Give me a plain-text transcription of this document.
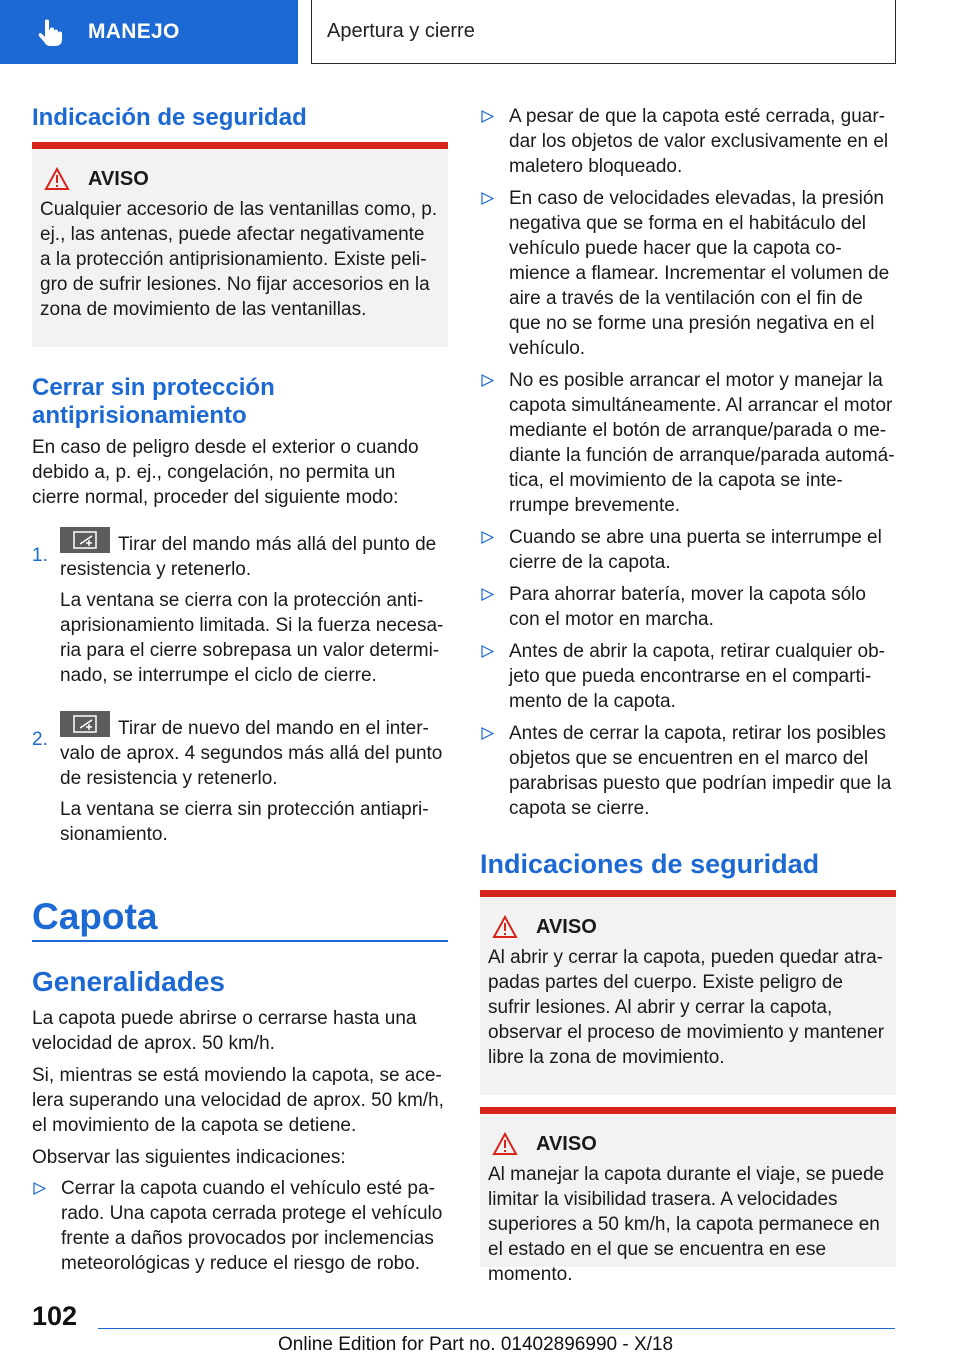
MANEJO	Apertura y cierre
Indicación de seguridad
AVISO

Cualquier accesorio de las ventanillas como, p. ej., las antenas, puede afectar negativamente a la protección antiprisionamiento. Existe peligro de sufrir lesiones. No fijar accesorios en la zona de movimiento de las ventanillas.

Cerrar sin protección antiprisionamiento

En caso de peligro desde el exterior o cuando debido a, p. ej., congelación, no permita un cierre normal, proceder del siguiente modo:

1.

Tirar del mando más allá del punto de resistencia y retenerlo.

La ventana se cierra con la protección antiaprisionamiento limitada. Si la fuerza necesaria para el cierre sobrepasa un valor determinado, se interrumpe el ciclo de cierre.

2.

Tirar de nuevo del mando en el intervalo de aprox. 4 segundos más allá del punto de resistencia y retenerlo.

La ventana se cierra sin protección antiaprisionamiento.

Capota
Generalidades

La capota puede abrirse o cerrarse hasta una velocidad de aprox. 50 km/h.

Si, mientras se está moviendo la capota, se acelera superando una velocidad de aprox. 50 km/h, el movimiento de la capota se detiene.

Observar las siguientes indicaciones:

Cerrar la capota cuando el vehículo esté parado. Una capota cerrada protege el vehículo frente a daños provocados por inclemencias meteorológicas y reduce el riesgo de robo.
A pesar de que la capota esté cerrada, guardar los objetos de valor exclusivamente en el maletero bloqueado.
En caso de velocidades elevadas, la presión negativa que se forma en el habitáculo del vehículo puede hacer que la capota comience a flamear. Incrementar el volumen de aire a través de la ventilación con el fin de que no se forme una presión negativa en el vehículo.
No es posible arrancar el motor y manejar la capota simultáneamente. Al arrancar el motor mediante el botón de arranque/parada o mediante la función de arranque/parada automática, el movimiento de la capota se interrumpe brevemente.
Cuando se abre una puerta se interrumpe el cierre de la capota.
Para ahorrar batería, mover la capota sólo con el motor en marcha.
Antes de abrir la capota, retirar cualquier objeto que pueda encontrarse en el compartimento de la capota.
Antes de cerrar la capota, retirar los posibles objetos que se encuentren en el marco del parabrisas puesto que podrían impedir que la capota se cierre.
Indicaciones de seguridad
AVISO

Al abrir y cerrar la capota, pueden quedar atrapadas partes del cuerpo. Existe peligro de sufrir lesiones. Al abrir y cerrar la capota, observar el proceso de movimiento y mantener libre la zona de movimiento.

AVISO

Al manejar la capota durante el viaje, se puede limitar la visibilidad trasera. A velocidades superiores a 50 km/h, la capota permanece en el estado en el que se encuentra en ese momento.

102
Online Edition for Part no. 01402896990 - X/18
